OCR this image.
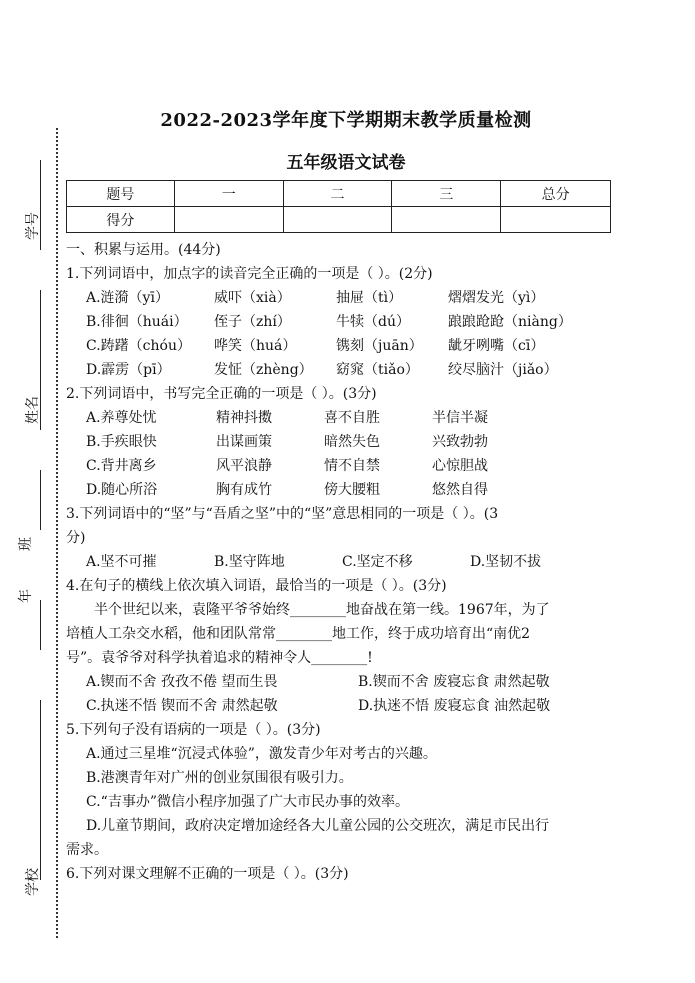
学号
姓名
年
班
学校
2022-2023学年度下学期期末教学质量检测
五年级语文试卷
题号	一	二	三	总分
得分				
一、积累与运用。(44分)
1.下列词语中，加点字的读音完全正确的一项是（ ）。(2分)
A.涟漪（yī）	威吓（xià）	抽屉（tì）	熠熠发光（yì）
B.徘徊（huái）	侄子（zhí）	牛犊（dú）	踉踉跄跄（niàng）
C.踌躇（chóu）	哗笑（huá）	镌刻（juān）	龇牙咧嘴（cī）
D.霹雳（pī）	发怔（zhèng）	窈窕（tiǎo）	绞尽脑汁（jiǎo）
2.下列词语中，书写完全正确的一项是（ ）。(3分)
A.养尊处忧	精神抖擞	喜不自胜	半信半凝
B.手疾眼快	出谋画策	暗然失色	兴致勃勃
C.背井离乡	风平浪静	情不自禁	心惊胆战
D.随心所浴	胸有成竹	傍大腰粗	悠然自得
3.下列词语中的“坚”与“吾盾之坚”中的“坚”意思相同的一项是（ ）。(3
分)
A.坚不可摧	B.坚守阵地	C.坚定不移	D.坚韧不拔
4.在句子的横线上依次填入词语，最恰当的一项是（ ）。(3分)
半个世纪以来，袁隆平爷爷始终________地奋战在第一线。1967年，为了
培植人工杂交水稻，他和团队常常________地工作，终于成功培育出“南优2
号”。袁爷爷对科学执着追求的精神令人________!
A.锲而不舍 孜孜不倦 望而生畏	B.锲而不舍 废寝忘食 肃然起敬
C.执迷不悟 锲而不舍 肃然起敬	D.执迷不悟 废寝忘食 油然起敬
5.下列句子没有语病的一项是（ ）。(3分)
A.通过三星堆“沉浸式体验”，激发青少年对考古的兴趣。
B.港澳青年对广州的创业氛围很有吸引力。
C.“吉事办”微信小程序加强了广大市民办事的效率。
D.儿童节期间，政府决定增加途经各大儿童公园的公交班次，满足市民出行
需求。
6.下列对课文理解不正确的一项是（ ）。(3分)
